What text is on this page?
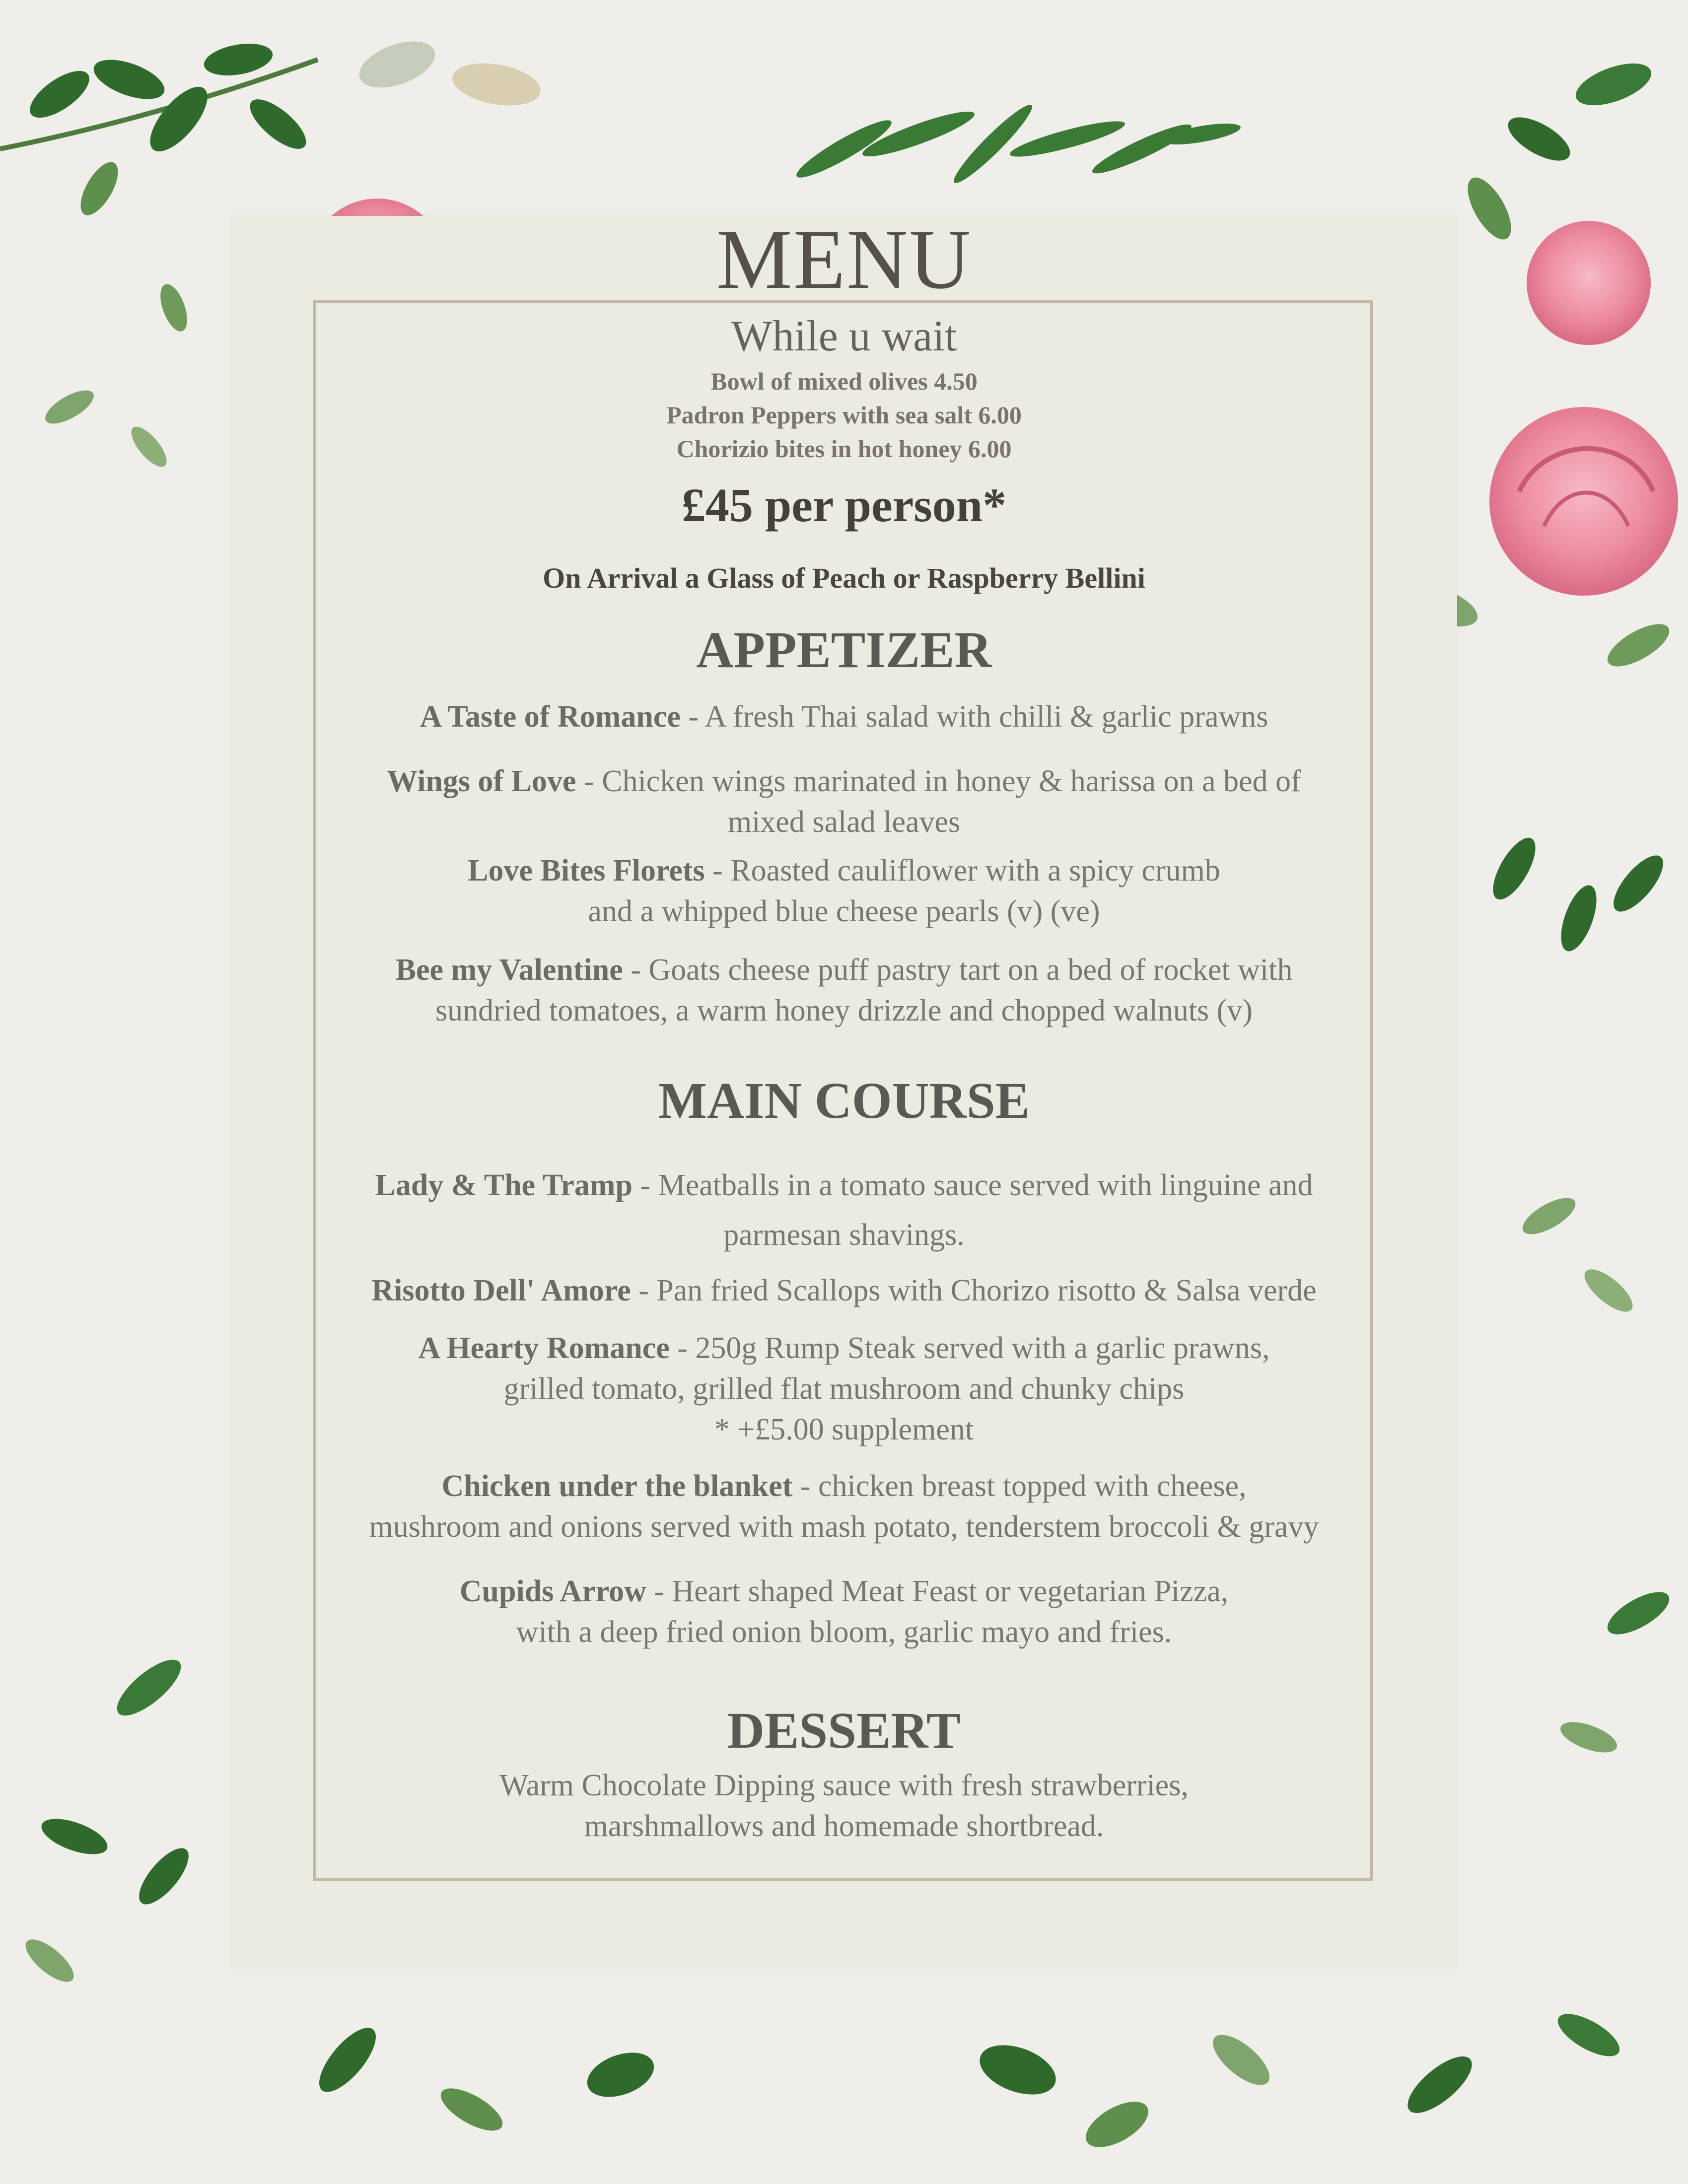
MENU
While u wait
Bowl of mixed olives 4.50
Padron Peppers with sea salt 6.00
Chorizio bites in hot honey 6.00
£45 per person*
On Arrival a Glass of Peach or Raspberry Bellini
APPETIZER
A Taste of Romance - A fresh Thai salad with chilli & garlic prawns
Wings of Love - Chicken wings marinated in honey & harissa on a bed of
mixed salad leaves
Love Bites Florets - Roasted cauliflower with a spicy crumb
and a whipped blue cheese pearls (v) (ve)
Bee my Valentine - Goats cheese puff pastry tart on a bed of rocket with
sundried tomatoes, a warm honey drizzle and chopped walnuts (v)
MAIN COURSE
Lady & The Tramp - Meatballs in a tomato sauce served with linguine and
parmesan shavings.
Risotto Dell' Amore - Pan fried Scallops with Chorizo risotto & Salsa verde
A Hearty Romance - 250g Rump Steak served with a garlic prawns,
grilled tomato, grilled flat mushroom and chunky chips
* +£5.00 supplement
Chicken under the blanket - chicken breast topped with cheese,
mushroom and onions served with mash potato, tenderstem broccoli & gravy
Cupids Arrow - Heart shaped Meat Feast or vegetarian Pizza,
with a deep fried onion bloom, garlic mayo and fries.
DESSERT
Warm Chocolate Dipping sauce with fresh strawberries,
marshmallows and homemade shortbread.
